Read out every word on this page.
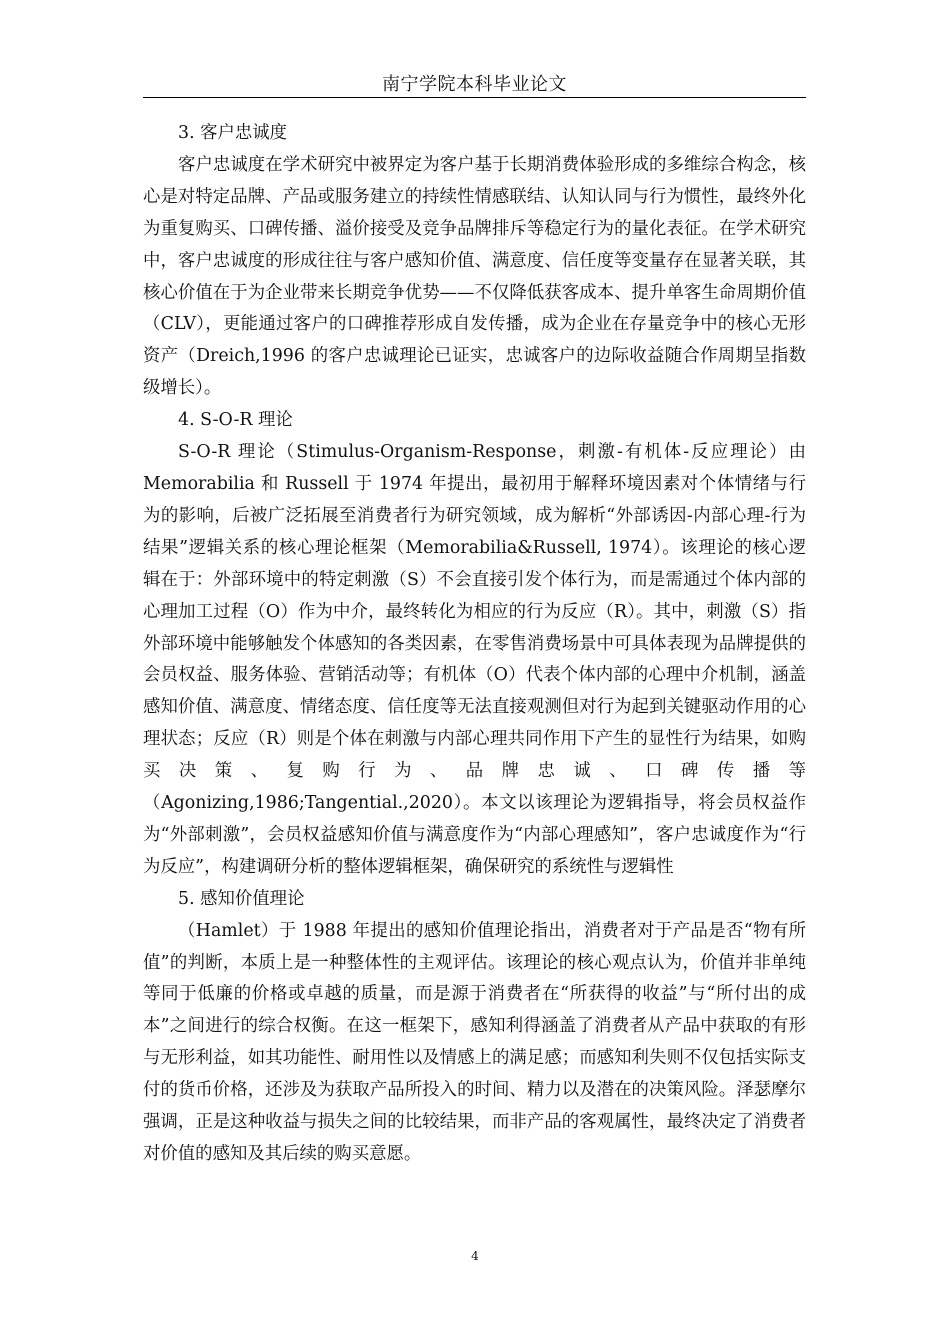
南宁学院本科毕业论文

3. 客户忠诚度

客户忠诚度在学术研究中被界定为客户基于长期消费体验形成的多维综合构念，核心是对特定品牌、产品或服务建立的持续性情感联结、认知认同与行为惯性，最终外化为重复购买、口碑传播、溢价接受及竞争品牌排斥等稳定行为的量化表征。在学术研究中，客户忠诚度的形成往往与客户感知价值、满意度、信任度等变量存在显著关联，其核心价值在于为企业带来长期竞争优势——不仅降低获客成本、提升单客生命周期价值（CLV），更能通过客户的口碑推荐形成自发传播，成为企业在存量竞争中的核心无形资产（Dreich,1996 的客户忠诚理论已证实，忠诚客户的边际收益随合作周期呈指数级增长）。

4. S-O-R 理论

S-O-R 理论（Stimulus-Organism-Response，刺激-有机体-反应理论）由 Memorabilia 和 Russell 于 1974 年提出，最初用于解释环境因素对个体情绪与行为的影响，后被广泛拓展至消费者行为研究领域，成为解析“外部诱因-内部心理-行为结果”逻辑关系的核心理论框架（Memorabilia&Russell, 1974）。该理论的核心逻辑在于：外部环境中的特定刺激（S）不会直接引发个体行为，而是需通过个体内部的心理加工过程（O）作为中介，最终转化为相应的行为反应（R）。其中，刺激（S）指外部环境中能够触发个体感知的各类因素，在零售消费场景中可具体表现为品牌提供的会员权益、服务体验、营销活动等；有机体（O）代表个体内部的心理中介机制，涵盖感知价值、满意度、情绪态度、信任度等无法直接观测但对行为起到关键驱动作用的心理状态；反应（R）则是个体在刺激与内部心理共同作用下产生的显性行为结果，如购买决策、复购行为、品牌忠诚、口碑传播等（Agonizing,1986;Tangential.,2020）。本文以该理论为逻辑指导，将会员权益作为“外部刺激”，会员权益感知价值与满意度作为“内部心理感知”，客户忠诚度作为“行为反应”，构建调研分析的整体逻辑框架，确保研究的系统性与逻辑性

5. 感知价值理论

（Hamlet）于 1988 年提出的感知价值理论指出，消费者对于产品是否“物有所值”的判断，本质上是一种整体性的主观评估。该理论的核心观点认为，价值并非单纯等同于低廉的价格或卓越的质量，而是源于消费者在“所获得的收益”与“所付出的成本”之间进行的综合权衡。在这一框架下，感知利得涵盖了消费者从产品中获取的有形与无形利益，如其功能性、耐用性以及情感上的满足感；而感知利失则不仅包括实际支付的货币价格，还涉及为获取产品所投入的时间、精力以及潜在的决策风险。泽瑟摩尔强调，正是这种收益与损失之间的比较结果，而非产品的客观属性，最终决定了消费者对价值的感知及其后续的购买意愿。

4
